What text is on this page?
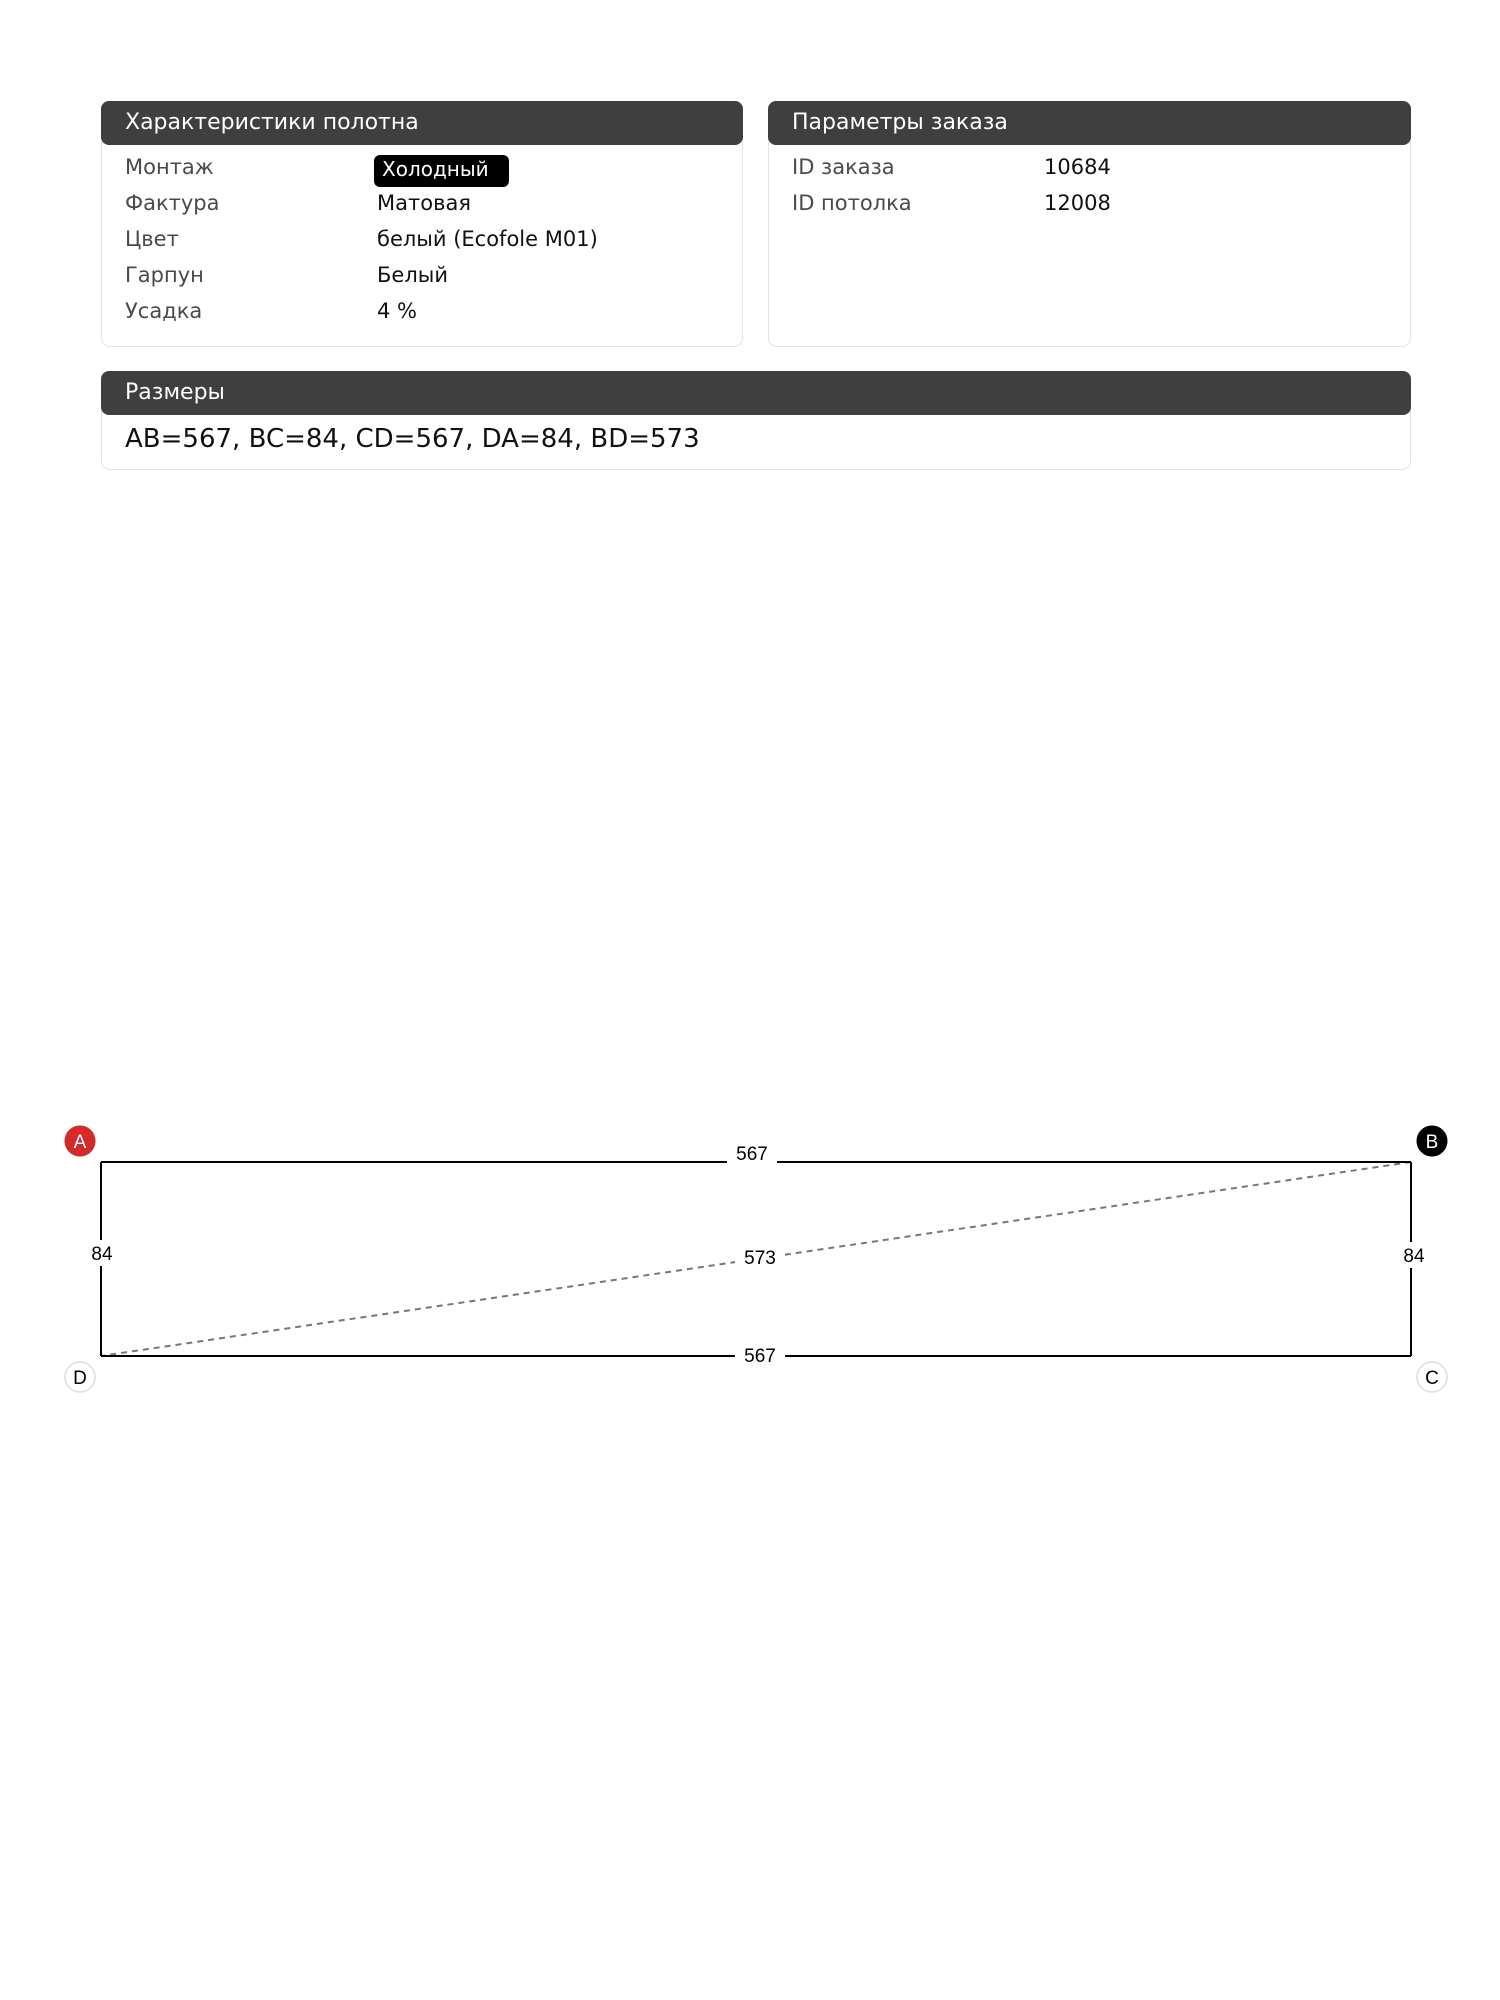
Характеристики полотна
Монтаж	Холодный
Фактура	Матовая
Цвет	белый (Ecofole M01)
Гарпун	Белый
Усадка	4 %
Параметры заказа
ID заказа	10684
ID потолка	12008
Размеры
AB=567, BC=84, CD=567, DA=84, BD=573
567
573
567
84	84
A	B
C
D
